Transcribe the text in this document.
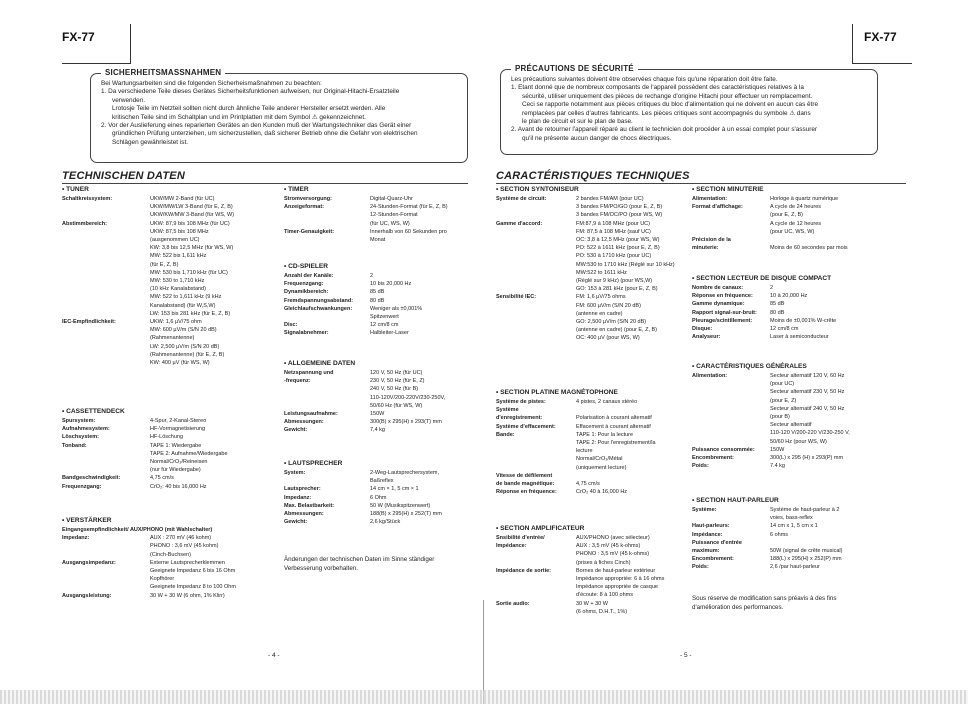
FX-77
SICHERHEITSMASSNAHMEN
Bei Wartungsarbeiten sind die folgenden Sicherheismaßnahmen zu beachten:
1. Da verschiedene Teile dieses Gerätes Sicherheitsfunktionen aufweisen, nur Original-Hitachi-Ersatzteile
verwenden.
Lrotosje Teile im Netzteil sollten nicht durch ähnliche Teile anderer Hersteller ersetzt werden. Alle
kritischen Teile sind im Schaltplan und im Printplatten mit dem Symbol ⚠ gekennzeichnet.
2. Vor der Auslieferung eines reparierten Gerätes an den Kunden muß der Wartungstechniker das Gerät einer
gründlichen Prüfung unterziehen, um sicherzustellen, daß sicherer Betrieb ohne die Gefahr von elektrischen
Schlägen gewährleistet ist.
TECHNISCHEN DATEN
• TUNER
Schaltkreissystem:	UKW/MW 2-Band (für UC)
UKW/MW/LW 3-Band (für E, Z, B)
UKW/KW/MW 3-Band (für WS, W)
Abstimmbereich:	UKW: 87,9 bis 108 MHz (für UC)
UKW: 87,5 bis 108 MHz
(ausgenommen UC)
KW: 3,8 bis 12,5 MHz (für WS, W)
MW: 522 bis 1,611 kHz
(für E, Z, B)
MW: 530 bis 1,710 kHz (für UC)
MW: 530 to 1,710 kHz
(10 kHz Kanalabstand)
MW: 522 to 1,611 kHz (9 kHz
Kanalabstand) (für W,S,W)
LW: 153 bis 281 kHz (für E, Z, B)
IEC-Empfindlichkeit:	UKW: 1,6 µV/75 ohm
MW: 600 µV/m (S/N 20 dB)
(Rahmenantenne)
LW: 2,500 µV/m (S/N 20 dB)
(Rahmenantenne) (für E, Z, B)
KW: 400 µV (für WS, W)
• CASSETTENDECK
Spursystem:	4-Spur, 2-Kanal-Stereo
Aufnahmesystem:	HF-Vormagnetisierung
Löschsystem:	HF-Löschung
Tonband:	TAPE 1: Wiedergabe
TAPE 2: Aufnahme/Wiedergabe
Normal/CrO₂/Reineisen
(nur für Wiedergabe)
Bandgeschwindigkeit:	4,75 cm/s
Frequenzgang:	CrO₂: 40 bis 16,000 Hz
• VERSTÄRKER
Eingangsempfindlichkeit/ AUX/PHONO (mit Wahlschalter)
Impedanz:	AUX : 270 mV (46 kohm)
PHONO : 3,6 mV (45 kohm)
(Cinch-Buchsen)
Ausgangsimpedanz:	Externe Lautsprecherklemmen
Geeignete Impedanz 6 bis 16 Ohm
Kopfhörer
Geeignete Impedanz 8 to 100 Ohm
Ausgangsleistung:	30 W + 30 W (6 ohm, 1% Klirr)
• TIMER
Stromversorgung:	Digital-Quarz-Uhr
Anzeigeformat:	24-Stunden-Format (für E, Z, B)
12-Stunden-Format
(für UC, WS, W)
Timer-Genauigkeit:	Innerhalb von 60 Sekunden pro
Monat
• CD-SPIELER
Anzahl der Kanäle:	2
Frequenzgang:	10 bis 20,000 Hz
Dynamikbereich:	85 dB
Fremdspannungsabstand:	80 dB
Gleichlaufschwankungen:	Weniger als ±0,001%
Spitzenwert
Disc:	12 cm/8 cm
Signalabnehmer:	Halbleiter-Laser
• ALLGEMEINE DATEN
Netzspannung und	120 V, 50 Hz (für UC)
-frequenz:	230 V, 50 Hz (für E, Z)
240 V, 50 Hz (für B)
110-120V/200-220V/230-250V,
50/60 Hz (für WS, W)
Leistungsaufnahme:	150W
Abmessungen:	300(B) x 295(H) x 293(T) mm
Gewicht:	7,4 kg
• LAUTSPRECHER
System:	2-Weg-Lautsprechersystem,
Baßreflex
Lautsprecher:	14 cm × 1, 5 cm × 1
Impedanz:	6 Ohm
Max. Belastbarkeit:	50 W (Musikspitzenwert)
Abmessungen:	188(B) x 295(H) x 252(T) mm
Gewicht:	2,6 kg/Stück
Änderungen der technischen Daten im Sinne ständiger
Verbesserung vorbehalten.
- 4 -
FX-77
PRÉCAUTIONS DE SÉCURITÉ
Les précautions suivantes doivent être observées chaque fois qu'une réparation doit être faite.
1. Etant donné que de nombreux composants de l'appareil possèdent des caractéristiques relatives à la
sécurité, utiliser uniquement des pièces de rechange d'origine Hitachi pour effectuer un remplacement.
Ceci se rapporte notamment aux pièces critiques du bloc d'alimentation qui ne doivent en aucun cas être
remplacées par celles d'autres fabricants. Les pièces critiques sont accompagnés du symbole ⚠ dans
le plan de circuit et sur le plan de base.
2. Avant de retourner l'appareil réparé au client le technicien doit procéder à un essai complet pour s'assurer
qu'il ne présente aucun danger de chocs électriques.
CARACTÉRISTIQUES TECHNIQUES
• SECTION SYNTONISEUR
Système de circuit:	2 bandes FM/AM (pour UC)
3 bandes FM/PO/GO (pour E, Z, B)
3 bandes FM/OC/PO (pour WS, W)
Gamme d'accord:	FM:87,9 à 108 MHz (pour UC)
FM: 87,5 à 108 MHz (sauf UC)
OC: 3,8 à 12,5 MHz (pour WS, W)
PO: 522 à 1611 kHz (pour E, Z, B)
PO: 530 à 1710 kHz (pour UC)
MW:530 to 1710 kHz (Réglé sur 10 kHz)
MW:522 to 1611 kHz
(Réglé sur 9 kHz) (pour WS,W)
GO: 153 à 281 kHz (pour E, Z, B)
Sensibilité IEC:	FM: 1,6 µV/75 ohms
FM: 600 µV/m (S/N 20 dB)
(antenne en cadre)
GO: 2,500 µV/m (S/N 20 dB)
(antenne en cadre) (pour E, Z, B)
OC: 400 µV (pour WS, W)
• SECTION PLATINE MAGNÉTOPHONE
Système de pistes:	4 pistes, 2 canaux stéréo
Système
d'enregistrement:	Polarisation à courant alternatif
Système d'effacement:	Effacement à courant alternatif
Bande:	TAPE 1: Pour la lecture
TAPE 2: Pour l'enregistrement/la
lecture
Normal/CrO₂/Métal
(uniquement lecture)
Vitesse de défilement
de bande magnétique:	4,75 cm/s
Réponse en fréquence:	CrO₂ 40 à 16,000 Hz
• SECTION AMPLIFICATEUR
Snsibilité d'entrée/	AUX/PHONO (avec sélecteur)
Impédance:	AUX : 3,5 mV (45 k-ohms)
PHONO : 3,5 mV (45 k-ohms)
(prises à fiches Cinch)
Impédance de sortie:	Bornes de haut-parleur extérieur
Impédance appropriée: 6 à 16 ohms
Impédance appropriée de casque
d'écoute: 8 à 100 ohms
Sortie audio:	30 W + 30 W
(6 ohms, D.H.T., 1%)
• SECTION MINUTERIE
Alimentation:	Horloge à quartz numérique
Format d'affichage:	A cycle de 24 heures
(pour E, Z, B)
A cycle de 12 heures
(pour UC, WS, W)
Précision de la
minuterie:	Moins de 60 secondes par mois
• SECTION LECTEUR DE DISQUE COMPACT
Nombre de canaux:	2
Réponse en fréquence:	10 à 20,000 Hz
Gamme dynamique:	85 dB
Rapport signal-sur-bruit:	80 dB
Pleurage/scintillement:	Moins de ±0,001% W-crête
Disque:	12 cm/8 cm
Analyseur:	Laser à semiconducteur
• CARACTÉRISTIQUES GÉNÉRALES
Alimentation:	Secteur alternatif 120 V, 60 Hz
(pour UC)
Secteur alternatif 230 V, 50 Hz
(pour E, Z)
Secteur alternatif 240 V, 50 Hz
(pour B)
Secteur alternatif
110-120 V/200-220 V/230-250 V,
50/60 Hz (pour WS, W)
Puissance consommée:	150W
Encombrement:	300(L) x 295 (H) x 293(P) mm
Poids:	7.4 kg
• SECTION HAUT-PARLEUR
Système:	Système de haut-parleur à 2
voies, bass-reflex
Haut-parleurs:	14 cm x 1, 5 cm x 1
Impédance:	6 ohms
Puissance d'entrée
maximum:	50W (signal de crête musical)
Encombrement:	188(L) x 295(H) x 252(P) mm
Poids:	2,6 /par haut-parleur
Sous réserve de modification sans préavis à des fins
d'amélioration des performances.
- 5 -
